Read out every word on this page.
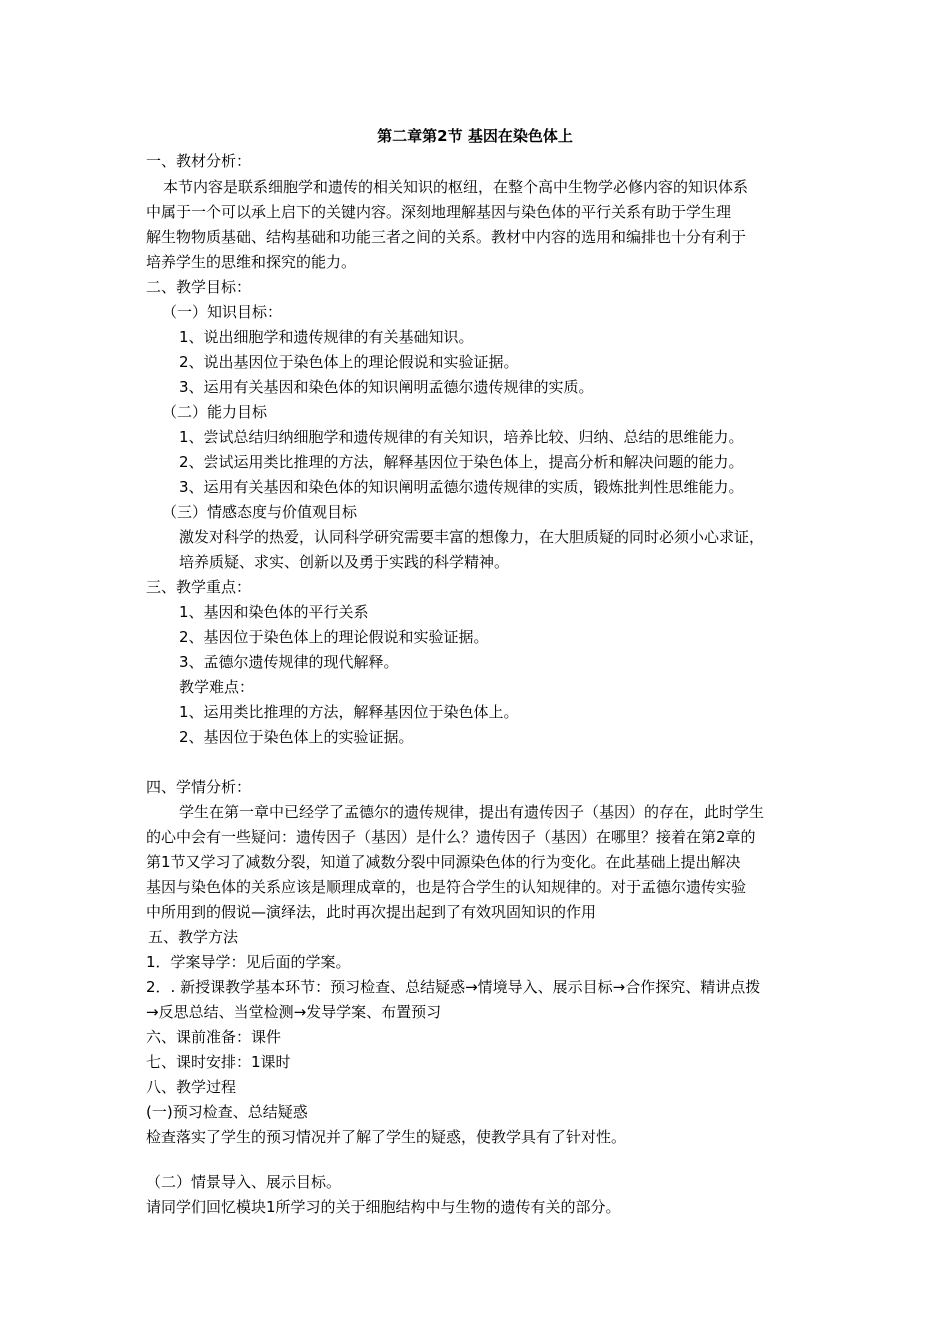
第二章第2节 基因在染色体上
一、教材分析：
本节内容是联系细胞学和遗传的相关知识的枢纽，在整个高中生物学必修内容的知识体系
中属于一个可以承上启下的关键内容。深刻地理解基因与染色体的平行关系有助于学生理
解生物物质基础、结构基础和功能三者之间的关系。教材中内容的选用和编排也十分有利于
培养学生的思维和探究的能力。
二、教学目标：
（一）知识目标：
1、说出细胞学和遗传规律的有关基础知识。
2、说出基因位于染色体上的理论假说和实验证据。
3、运用有关基因和染色体的知识阐明孟德尔遗传规律的实质。
（二）能力目标
1、尝试总结归纳细胞学和遗传规律的有关知识，培养比较、归纳、总结的思维能力。
2、尝试运用类比推理的方法，解释基因位于染色体上，提高分析和解决问题的能力。
3、运用有关基因和染色体的知识阐明孟德尔遗传规律的实质，锻炼批判性思维能力。
（三）情感态度与价值观目标
激发对科学的热爱，认同科学研究需要丰富的想像力，在大胆质疑的同时必须小心求证，
培养质疑、求实、创新以及勇于实践的科学精神。
三、教学重点：
1、基因和染色体的平行关系
2、基因位于染色体上的理论假说和实验证据。
3、孟德尔遗传规律的现代解释。
教学难点：
1、运用类比推理的方法，解释基因位于染色体上。
2、基因位于染色体上的实验证据。
四、学情分析：
学生在第一章中已经学了孟德尔的遗传规律，提出有遗传因子（基因）的存在，此时学生
的心中会有一些疑问：遗传因子（基因）是什么？遗传因子（基因）在哪里？接着在第2章的
第1节又学习了减数分裂，知道了减数分裂中同源染色体的行为变化。在此基础上提出解决
基因与染色体的关系应该是顺理成章的，也是符合学生的认知规律的。对于孟德尔遗传实验
中所用到的假说—演绎法，此时再次提出起到了有效巩固知识的作用
五、教学方法
1．学案导学：见后面的学案。
2．. 新授课教学基本环节：预习检查、总结疑惑→情境导入、展示目标→合作探究、精讲点拨
→反思总结、当堂检测→发导学案、布置预习
六、课前准备：课件
七、课时安排：1课时
八、教学过程
(一)预习检查、总结疑惑
检查落实了学生的预习情况并了解了学生的疑惑，使教学具有了针对性。
（二）情景导入、展示目标。
请同学们回忆模块1所学习的关于细胞结构中与生物的遗传有关的部分。
